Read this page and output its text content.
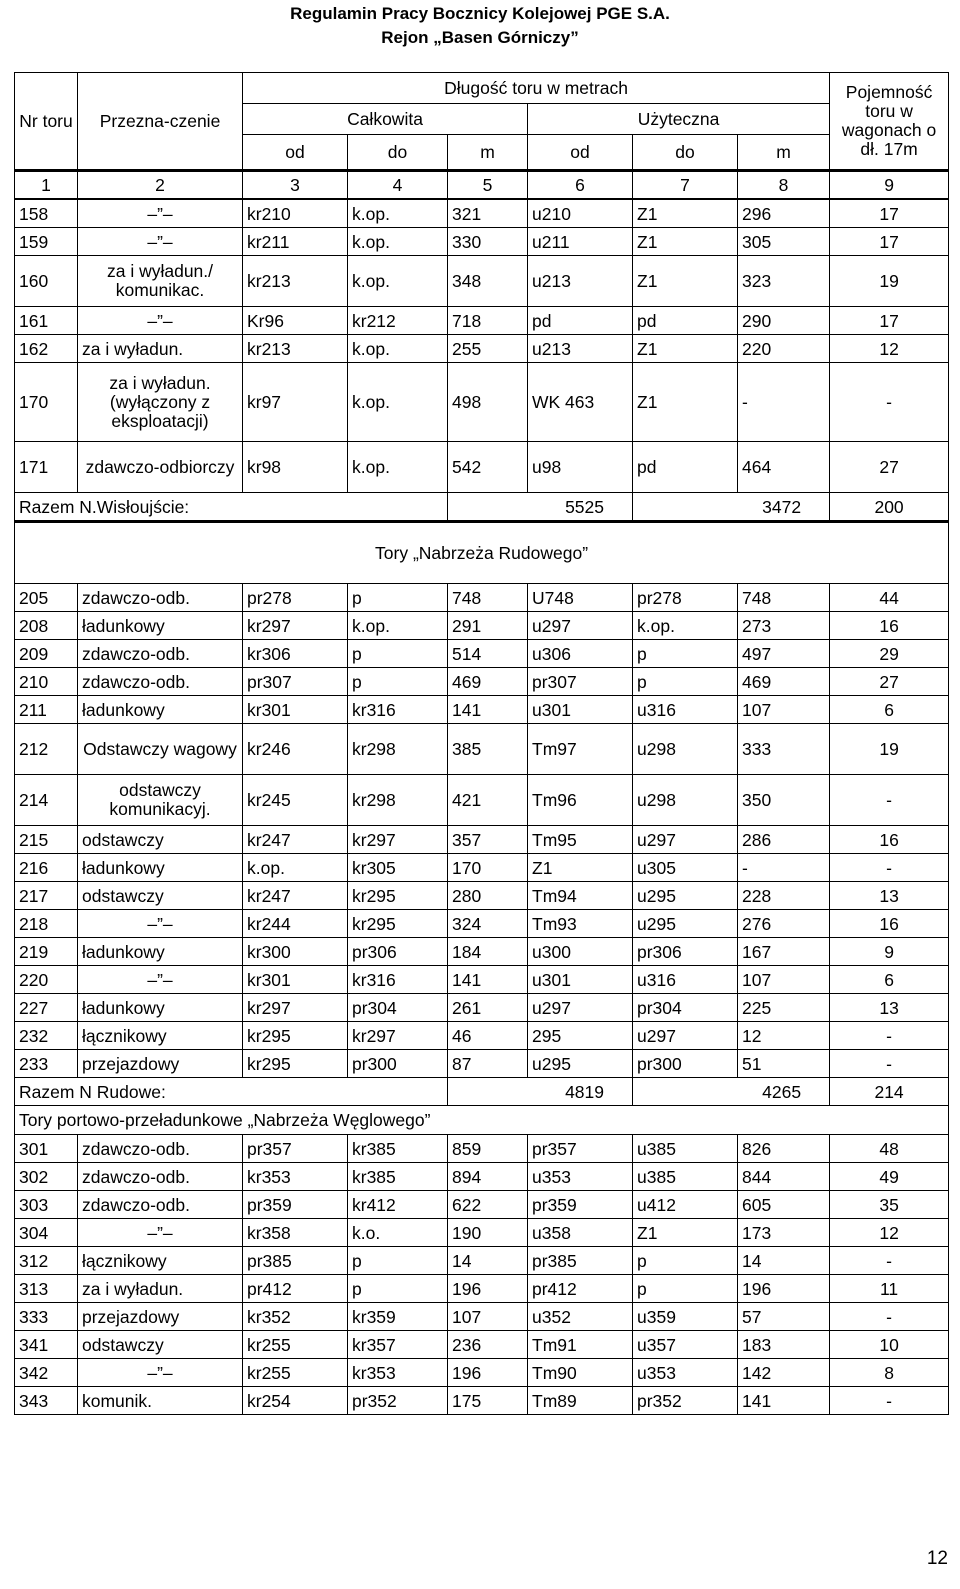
Regulamin Pracy Bocznicy Kolejowej PGE S.A.
Rejon „Basen Górniczy”
Nr toru	Przezna-czenie	Długość toru w metrach						Pojemność toru w wagonach o dł. 17m
		Całkowita			Użyteczna			
		od	do	m	od	do	m	
1	2	3	4	5	6	7	8	9
158	–”–	kr210	k.op.	321	u210	Z1	296	17
159	–”–	kr211	k.op.	330	u211	Z1	305	17
160	za i wyładun./ komunikac.	kr213	k.op.	348	u213	Z1	323	19
161	–”–	Kr96	kr212	718	pd	pd	290	17
162	za i wyładun.	kr213	k.op.	255	u213	Z1	220	12
170	za i wyładun. (wyłączony z eksploatacji)	kr97	k.op.	498	WK 463	Z1	-	-
171	zdawczo-odbiorczy	kr98	k.op.	542	u98	pd	464	27
Razem N.Wisłoujście:				5525		3472		200
Tory „Nabrzeża Rudowego”								
205	zdawczo-odb.	pr278	p	748	U748	pr278	748	44
208	ładunkowy	kr297	k.op.	291	u297	k.op.	273	16
209	zdawczo-odb.	kr306	p	514	u306	p	497	29
210	zdawczo-odb.	pr307	p	469	pr307	p	469	27
211	ładunkowy	kr301	kr316	141	u301	u316	107	6
212	Odstawczy wagowy	kr246	kr298	385	Tm97	u298	333	19
214	odstawczy komunikacyj.	kr245	kr298	421	Tm96	u298	350	-
215	odstawczy	kr247	kr297	357	Tm95	u297	286	16
216	ładunkowy	k.op.	kr305	170	Z1	u305	-	-
217	odstawczy	kr247	kr295	280	Tm94	u295	228	13
218	–”–	kr244	kr295	324	Tm93	u295	276	16
219	ładunkowy	kr300	pr306	184	u300	pr306	167	9
220	–”–	kr301	kr316	141	u301	u316	107	6
227	ładunkowy	kr297	pr304	261	u297	pr304	225	13
232	łącznikowy	kr295	kr297	46	295	u297	12	-
233	przejazdowy	kr295	pr300	87	u295	pr300	51	-
Razem N Rudowe:				4819		4265		214
Tory portowo-przeładunkowe „Nabrzeża Węglowego”								
301	zdawczo-odb.	pr357	kr385	859	pr357	u385	826	48
302	zdawczo-odb.	kr353	kr385	894	u353	u385	844	49
303	zdawczo-odb.	pr359	kr412	622	pr359	u412	605	35
304	–”–	kr358	k.o.	190	u358	Z1	173	12
312	łącznikowy	pr385	p	14	pr385	p	14	-
313	za i wyładun.	pr412	p	196	pr412	p	196	11
333	przejazdowy	kr352	kr359	107	u352	u359	57	-
341	odstawczy	kr255	kr357	236	Tm91	u357	183	10
342	–”–	kr255	kr353	196	Tm90	u353	142	8
343	komunik.	kr254	pr352	175	Tm89	pr352	141	-
12
